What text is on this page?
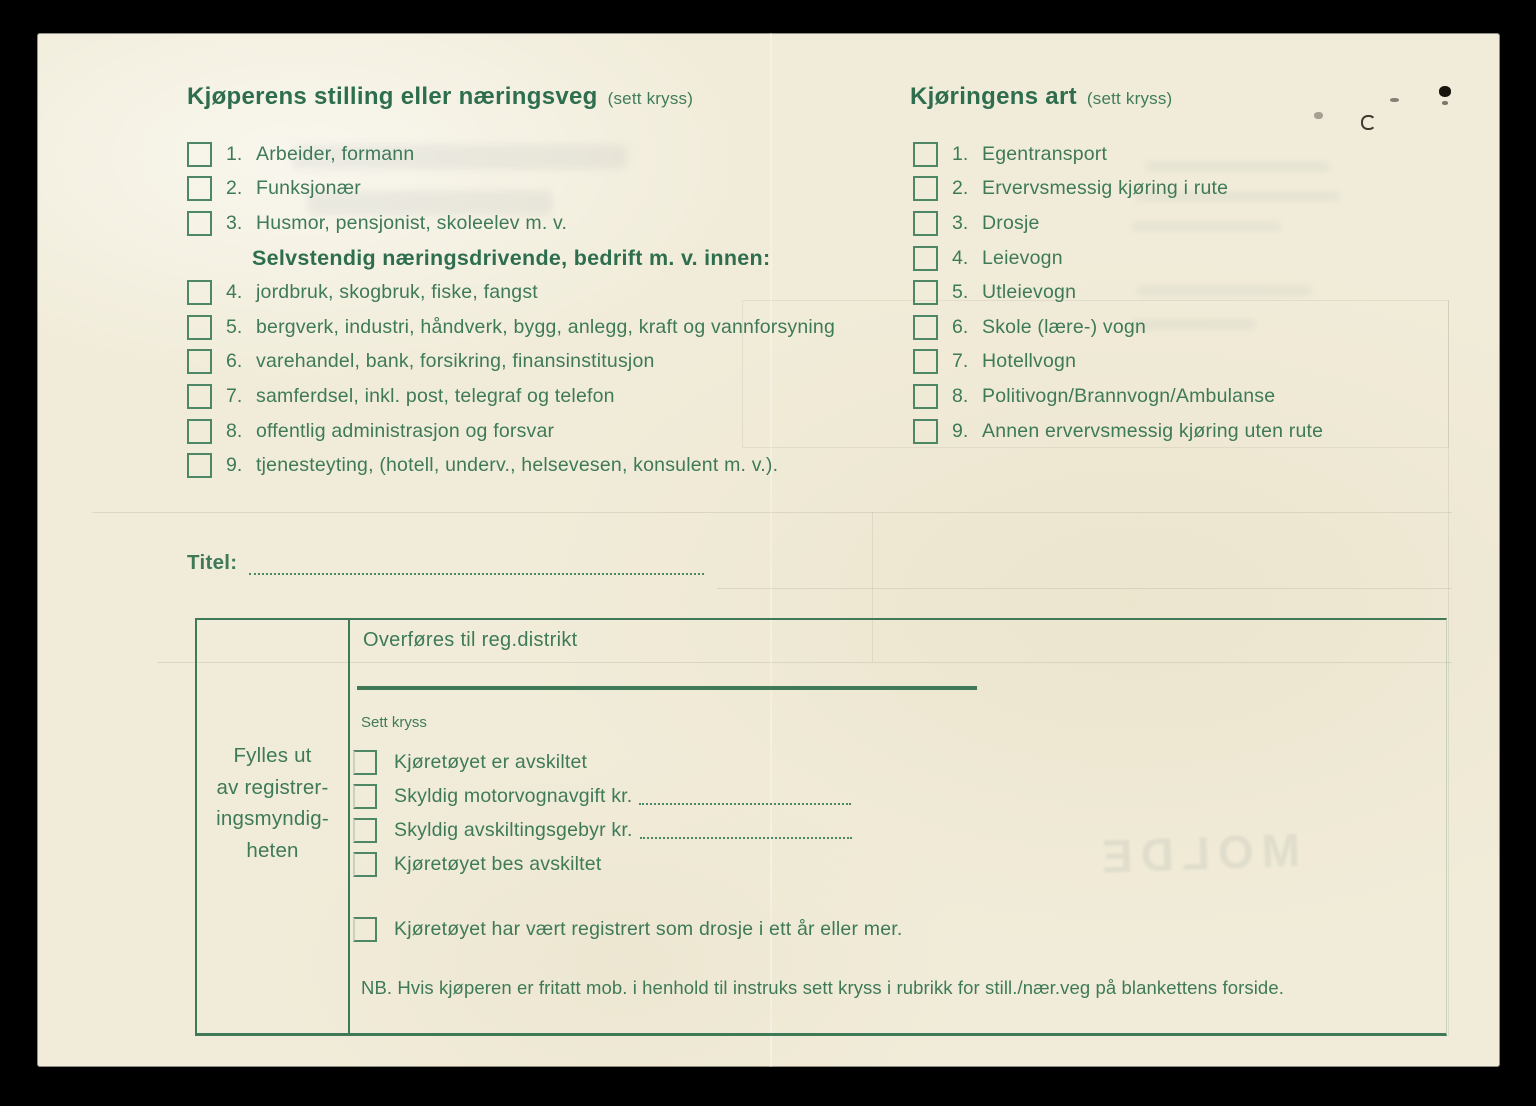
MOLDE
Kjøperens stilling eller næringsveg (sett kryss)	Kjøringens art (sett kryss)
1. Arbeider, formann
2. Funksjonær
3. Husmor, pensjonist, skoleelev m. v.
Selvstendig næringsdrivende, bedrift m. v. innen:
4. jordbruk, skogbruk, fiske, fangst
5. bergverk, industri, håndverk, bygg, anlegg, kraft og vannforsyning
6. varehandel, bank, forsikring, finansinstitusjon
7. samferdsel, inkl. post, telegraf og telefon
8. offentlig administrasjon og forsvar
9. tjenesteyting, (hotell, underv., helsevesen, konsulent m. v.).
1. Egentransport
2. Ervervsmessig kjøring i rute
3. Drosje
4. Leievogn
5. Utleievogn
6. Skole (lære-) vogn
7. Hotellvogn
8. Politivogn/Brannvogn/Ambulanse
9. Annen ervervsmessig kjøring uten rute
Titel:
Fylles ut
av registrer-
ingsmyndig-
heten
Overføres til reg.distrikt
Sett kryss
Kjøretøyet er avskiltet
Skyldig motorvognavgift kr.
Skyldig avskiltingsgebyr kr.
Kjøretøyet bes avskiltet
Kjøretøyet har vært registrert som drosje i ett år eller mer.
NB. Hvis kjøperen er fritatt mob. i henhold til instruks sett kryss i rubrikk for still./nær.veg på blankettens forside.
